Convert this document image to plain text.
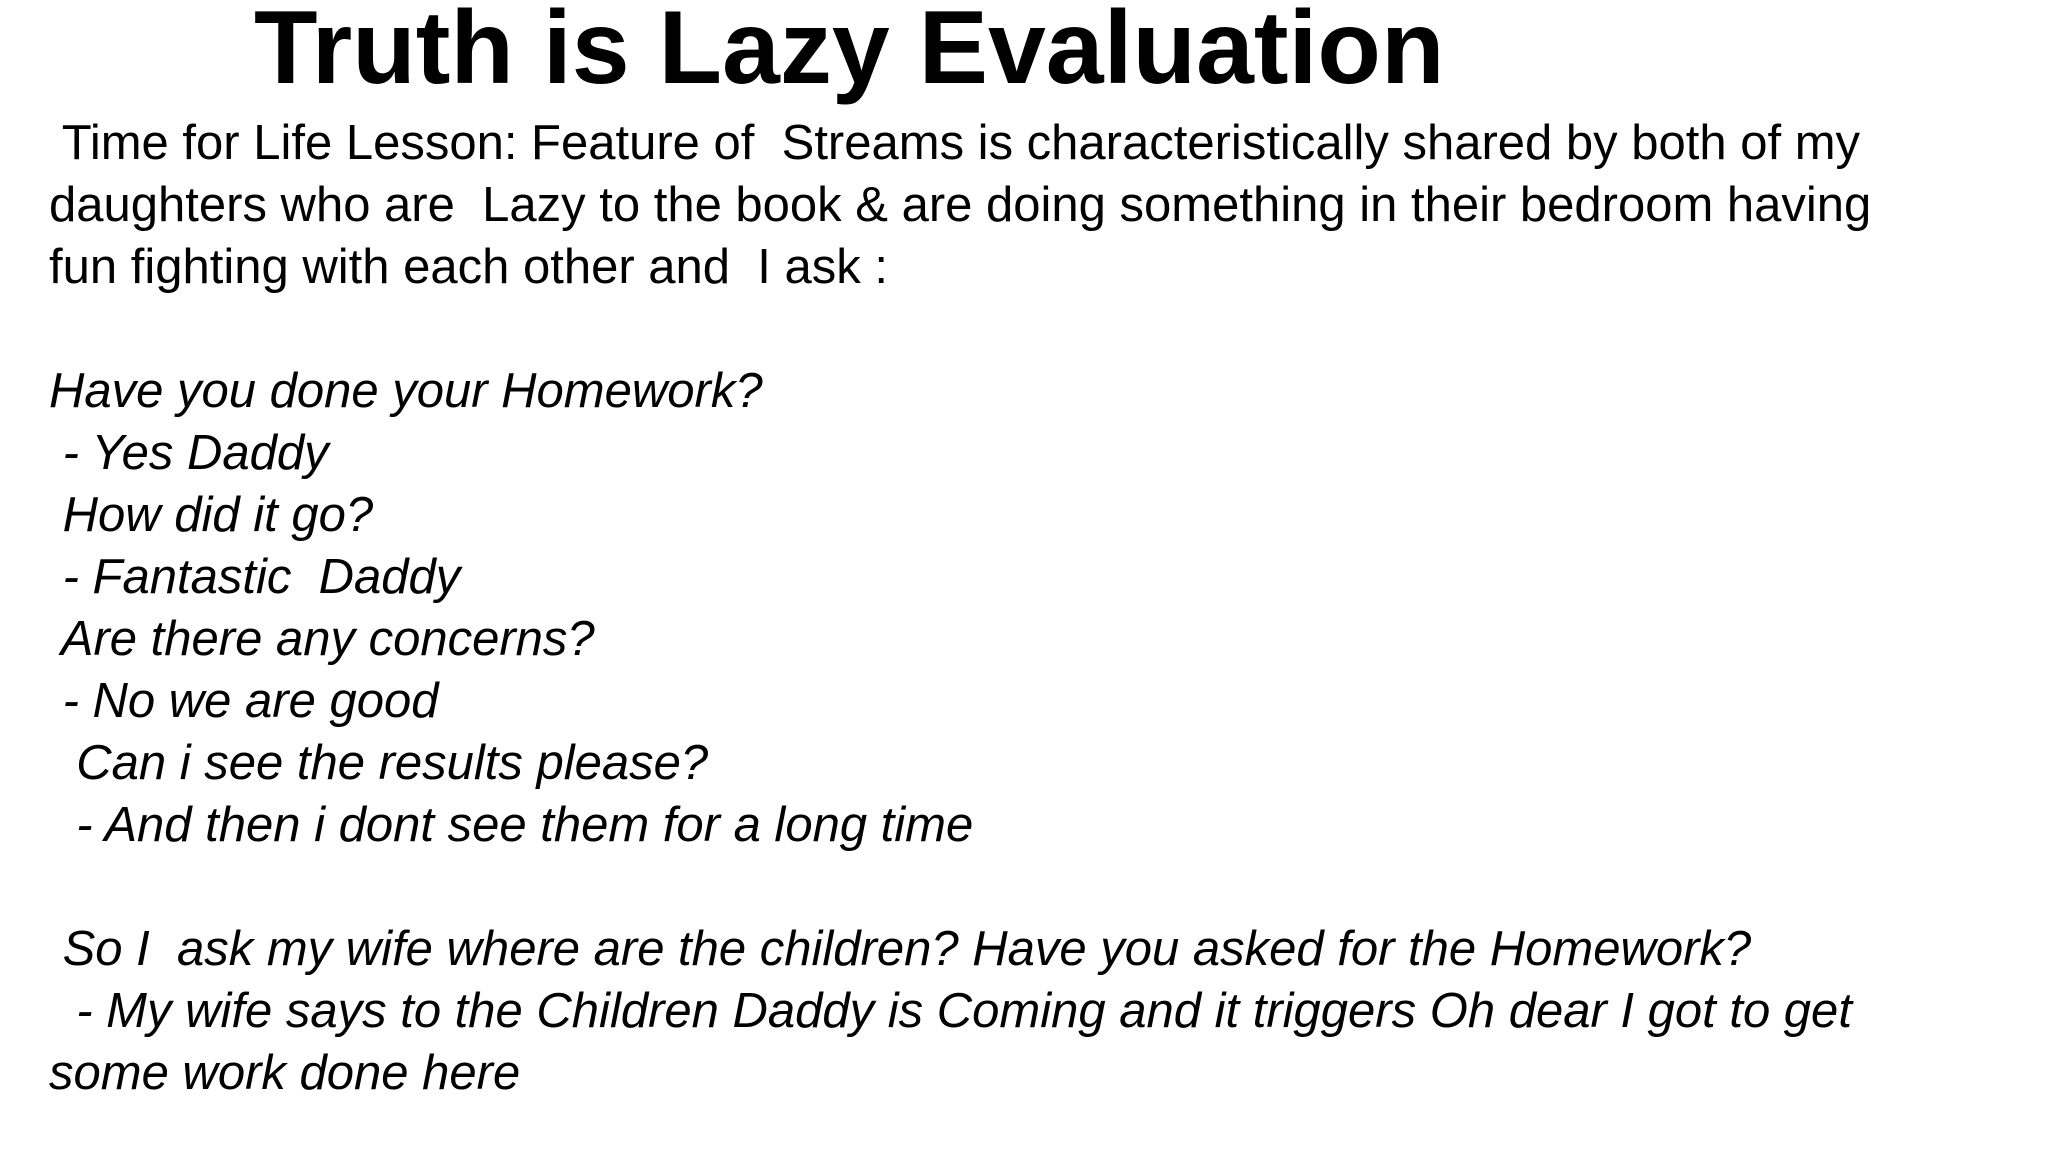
Truth is Lazy Evaluation

Time for Life Lesson: Feature of  Streams is characteristically shared by both of my

daughters who are  Lazy to the book & are doing something in their bedroom having

fun fighting with each other and  I ask :

Have you done your Homework?

- Yes Daddy

How did it go?

- Fantastic  Daddy

Are there any concerns?

- No we are good

Can i see the results please?

- And then i dont see them for a long time

So I  ask my wife where are the children? Have you asked for the Homework?

- My wife says to the Children Daddy is Coming and it triggers Oh dear I got to get

some work done here
